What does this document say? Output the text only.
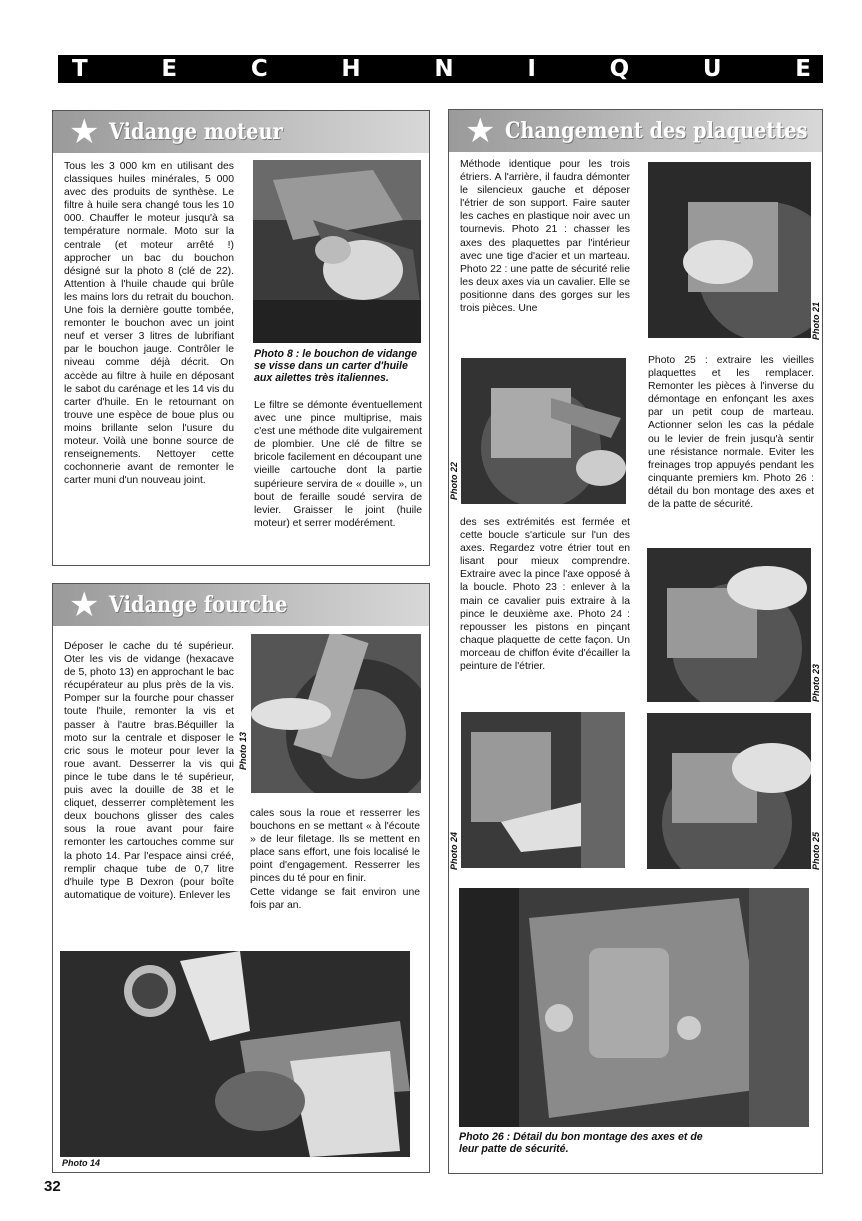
T	E	C	H	N	I	Q	U	E
★ Vidange moteur

Tous les 3 000 km en utilisant des classiques huiles minérales, 5 000 avec des produits de synthèse. Le filtre à huile sera changé tous les 10 000. Chauffer le moteur jusqu'à sa température normale. Moto sur la centrale (et moteur arrêté !) approcher un bac du bouchon désigné sur la photo 8 (clé de 22). Attention à l'huile chaude qui brûle les mains lors du retrait du bouchon. Une fois la dernière goutte tombée, remonter le bouchon avec un joint neuf et verser 3 litres de lubrifiant par le bouchon jauge. Contrôler le niveau comme déjà décrit. On accède au filtre à huile en déposant le sabot du carénage et les 14 vis du carter d'huile. En le retournant on trouve une espèce de boue plus ou moins brillante selon l'usure du moteur. Voilà une bonne source de renseignements. Nettoyer cette cochonnerie avant de remonter le carter muni d'un nouveau joint.

Photo 8 : le bouchon de vidange se visse dans un carter d'huile aux ailettes très italiennes.

Le filtre se démonte éventuellement avec une pince multiprise, mais c'est une méthode dite vulgairement de plombier. Une clé de filtre se bricole facilement en découpant une vieille cartouche dont la partie supérieure servira de « douille », un bout de feraille soudé servira de levier. Graisser le joint (huile moteur) et serrer modérément.

★ Vidange fourche

Déposer le cache du té supérieur. Oter les vis de vidange (hexacave de 5, photo 13) en approchant le bac récupérateur au plus près de la vis. Pomper sur la fourche pour chasser toute l'huile, remonter la vis et passer à l'autre bras.Béquiller la moto sur la centrale et disposer le cric sous le moteur pour lever la roue avant. Desserrer la vis qui pince le tube dans le té supérieur, puis avec la douille de 38 et le cliquet, desserrer complètement les deux bouchons glisser des cales sous la roue avant pour faire remonter les cartouches comme sur la photo 14. Par l'espace ainsi créé, remplir chaque tube de 0,7 litre d'huile type B Dexron (pour boîte automatique de voiture). Enlever les

Photo 13

cales sous la roue et resserrer les bouchons en se mettant « à l'écoute » de leur filetage. Ils se mettent en place sans effort, une fois localisé le point d'engagement. Resserrer les pinces du té pour en finir.

Cette vidange se fait environ une fois par an.

Photo 14
★ Changement des plaquettes

Méthode identique pour les trois étriers. A l'arrière, il faudra démonter le silencieux gauche et déposer l'étrier de son support. Faire sauter les caches en plastique noir avec un tournevis. Photo 21 : chasser les axes des plaquettes par l'intérieur avec une tige d'acier et un marteau. Photo 22 : une patte de sécurité relie les deux axes via un cavalier. Elle se positionne dans des gorges sur les trois pièces. Une	Photo 21
Photo 22

des ses extrémités est fermée et cette boucle s'articule sur l'un des axes. Regardez votre étrier tout en lisant pour mieux comprendre. Extraire avec la pince l'axe opposé à la boucle. Photo 23 : enlever à la main ce cavalier puis extraire à la pince le deuxième axe. Photo 24 : repousser les pistons en pinçant chaque plaquette de cette façon. Un morceau de chiffon évite d'écailler la peinture de l'étrier.

Photo 25 : extraire les vieilles plaquettes et les remplacer. Remonter les pièces à l'inverse du démontage en enfonçant les axes par un petit coup de marteau. Actionner selon les cas la pédale ou le levier de frein jusqu'à sentir une résistance normale. Eviter les freinages trop appuyés pendant les cinquante premiers km. Photo 26 : détail du bon montage des axes et de la patte de sécurité.

Photo 23
Photo 24	Photo 25
Photo 26 : Détail du bon montage des axes et de leur patte de sécurité.
32
